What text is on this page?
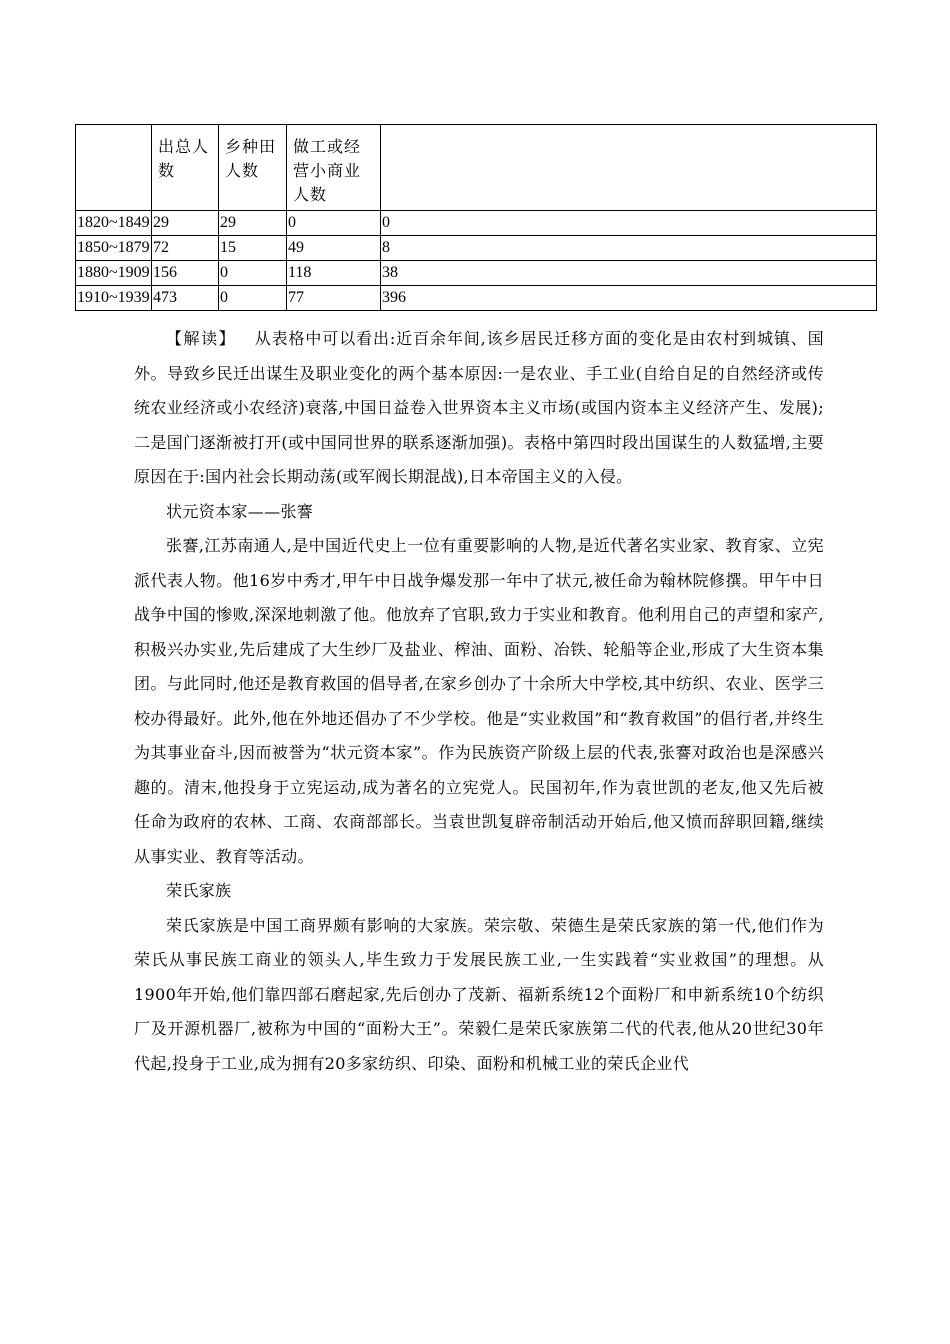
	出总人数	乡种田人数	做工或经营小商业人数	
1820~1849	29	29	0	0
1850~1879	72	15	49	8
1880~1909	156	0	118	38
1910~1939	473	0	77	396

【解读】 从表格中可以看出:近百余年间,该乡居民迁移方面的变化是由农村到城镇、国外。导致乡民迁出谋生及职业变化的两个基本原因:一是农业、手工业(自给自足的自然经济或传统农业经济或小农经济)衰落,中国日益卷入世界资本主义市场(或国内资本主义经济产生、发展);二是国门逐渐被打开(或中国同世界的联系逐渐加强)。表格中第四时段出国谋生的人数猛增,主要原因在于:国内社会长期动荡(或军阀长期混战),日本帝国主义的入侵。

状元资本家——张謇

张謇,江苏南通人,是中国近代史上一位有重要影响的人物,是近代著名实业家、教育家、立宪派代表人物。他16岁中秀才,甲午中日战争爆发那一年中了状元,被任命为翰林院修撰。甲午中日战争中国的惨败,深深地刺激了他。他放弃了官职,致力于实业和教育。他利用自己的声望和家产,积极兴办实业,先后建成了大生纱厂及盐业、榨油、面粉、冶铁、轮船等企业,形成了大生资本集团。与此同时,他还是教育救国的倡导者,在家乡创办了十余所大中学校,其中纺织、农业、医学三校办得最好。此外,他在外地还倡办了不少学校。他是“实业救国”和“教育救国”的倡行者,并终生为其事业奋斗,因而被誉为“状元资本家”。作为民族资产阶级上层的代表,张謇对政治也是深感兴趣的。清末,他投身于立宪运动,成为著名的立宪党人。民国初年,作为袁世凯的老友,他又先后被任命为政府的农林、工商、农商部部长。当袁世凯复辟帝制活动开始后,他又愤而辞职回籍,继续从事实业、教育等活动。

荣氏家族

荣氏家族是中国工商界颇有影响的大家族。荣宗敬、荣德生是荣氏家族的第一代,他们作为荣氏从事民族工商业的领头人,毕生致力于发展民族工业,一生实践着“实业救国”的理想。从1900年开始,他们靠四部石磨起家,先后创办了茂新、福新系统12个面粉厂和申新系统10个纺织厂及开源机器厂,被称为中国的“面粉大王”。荣毅仁是荣氏家族第二代的代表,他从20世纪30年代起,投身于工业,成为拥有20多家纺织、印染、面粉和机械工业的荣氏企业代
